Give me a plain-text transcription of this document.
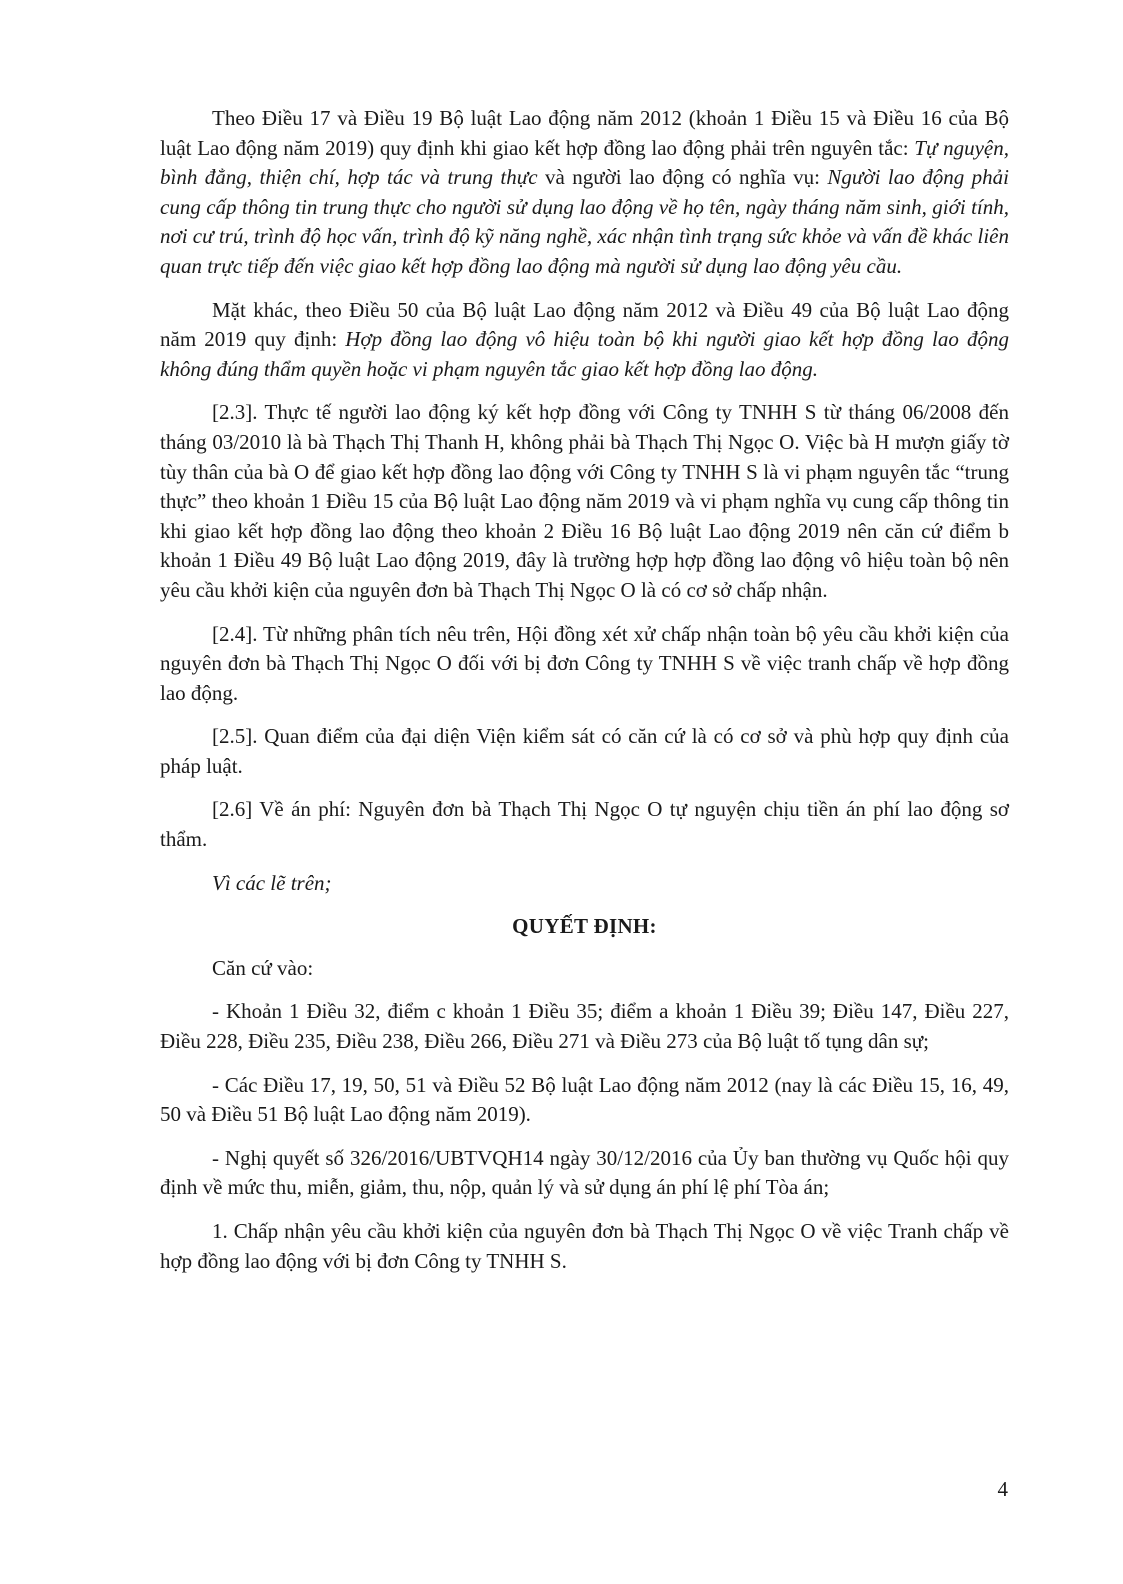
Theo Điều 17 và Điều 19 Bộ luật Lao động năm 2012 (khoản 1 Điều 15 và Điều 16 của Bộ luật Lao động năm 2019) quy định khi giao kết hợp đồng lao động phải trên nguyên tắc: Tự nguyện, bình đẳng, thiện chí, hợp tác và trung thực và người lao động có nghĩa vụ: Người lao động phải cung cấp thông tin trung thực cho người sử dụng lao động về họ tên, ngày tháng năm sinh, giới tính, nơi cư trú, trình độ học vấn, trình độ kỹ năng nghề, xác nhận tình trạng sức khỏe và vấn đề khác liên quan trực tiếp đến việc giao kết hợp đồng lao động mà người sử dụng lao động yêu cầu.

Mặt khác, theo Điều 50 của Bộ luật Lao động năm 2012 và Điều 49 của Bộ luật Lao động năm 2019 quy định: Hợp đồng lao động vô hiệu toàn bộ khi người giao kết hợp đồng lao động không đúng thẩm quyền hoặc vi phạm nguyên tắc giao kết hợp đồng lao động.

[2.3]. Thực tế người lao động ký kết hợp đồng với Công ty TNHH S từ tháng 06/2008 đến tháng 03/2010 là bà Thạch Thị Thanh H, không phải bà Thạch Thị Ngọc O. Việc bà H mượn giấy tờ tùy thân của bà O để giao kết hợp đồng lao động với Công ty TNHH S là vi phạm nguyên tắc “trung thực” theo khoản 1 Điều 15 của Bộ luật Lao động năm 2019 và vi phạm nghĩa vụ cung cấp thông tin khi giao kết hợp đồng lao động theo khoản 2 Điều 16 Bộ luật Lao động 2019 nên căn cứ điểm b khoản 1 Điều 49 Bộ luật Lao động 2019, đây là trường hợp hợp đồng lao động vô hiệu toàn bộ nên yêu cầu khởi kiện của nguyên đơn bà Thạch Thị Ngọc O là có cơ sở chấp nhận.

[2.4]. Từ những phân tích nêu trên, Hội đồng xét xử chấp nhận toàn bộ yêu cầu khởi kiện của nguyên đơn bà Thạch Thị Ngọc O đối với bị đơn Công ty TNHH S về việc tranh chấp về hợp đồng lao động.

[2.5]. Quan điểm của đại diện Viện kiểm sát có căn cứ là có cơ sở và phù hợp quy định của pháp luật.

[2.6] Về án phí: Nguyên đơn bà Thạch Thị Ngọc O tự nguyện chịu tiền án phí lao động sơ thẩm.

Vì các lẽ trên;

QUYẾT ĐỊNH:

Căn cứ vào:

- Khoản 1 Điều 32, điểm c khoản 1 Điều 35; điểm a khoản 1 Điều 39; Điều 147, Điều 227, Điều 228, Điều 235, Điều 238, Điều 266, Điều 271 và Điều 273 của Bộ luật tố tụng dân sự;

- Các Điều 17, 19, 50, 51 và Điều 52 Bộ luật Lao động năm 2012 (nay là các Điều 15, 16, 49, 50 và Điều 51 Bộ luật Lao động năm 2019).

- Nghị quyết số 326/2016/UBTVQH14 ngày 30/12/2016 của Ủy ban thường vụ Quốc hội quy định về mức thu, miễn, giảm, thu, nộp, quản lý và sử dụng án phí lệ phí Tòa án;

1. Chấp nhận yêu cầu khởi kiện của nguyên đơn bà Thạch Thị Ngọc O về việc Tranh chấp về hợp đồng lao động với bị đơn Công ty TNHH S.

4
